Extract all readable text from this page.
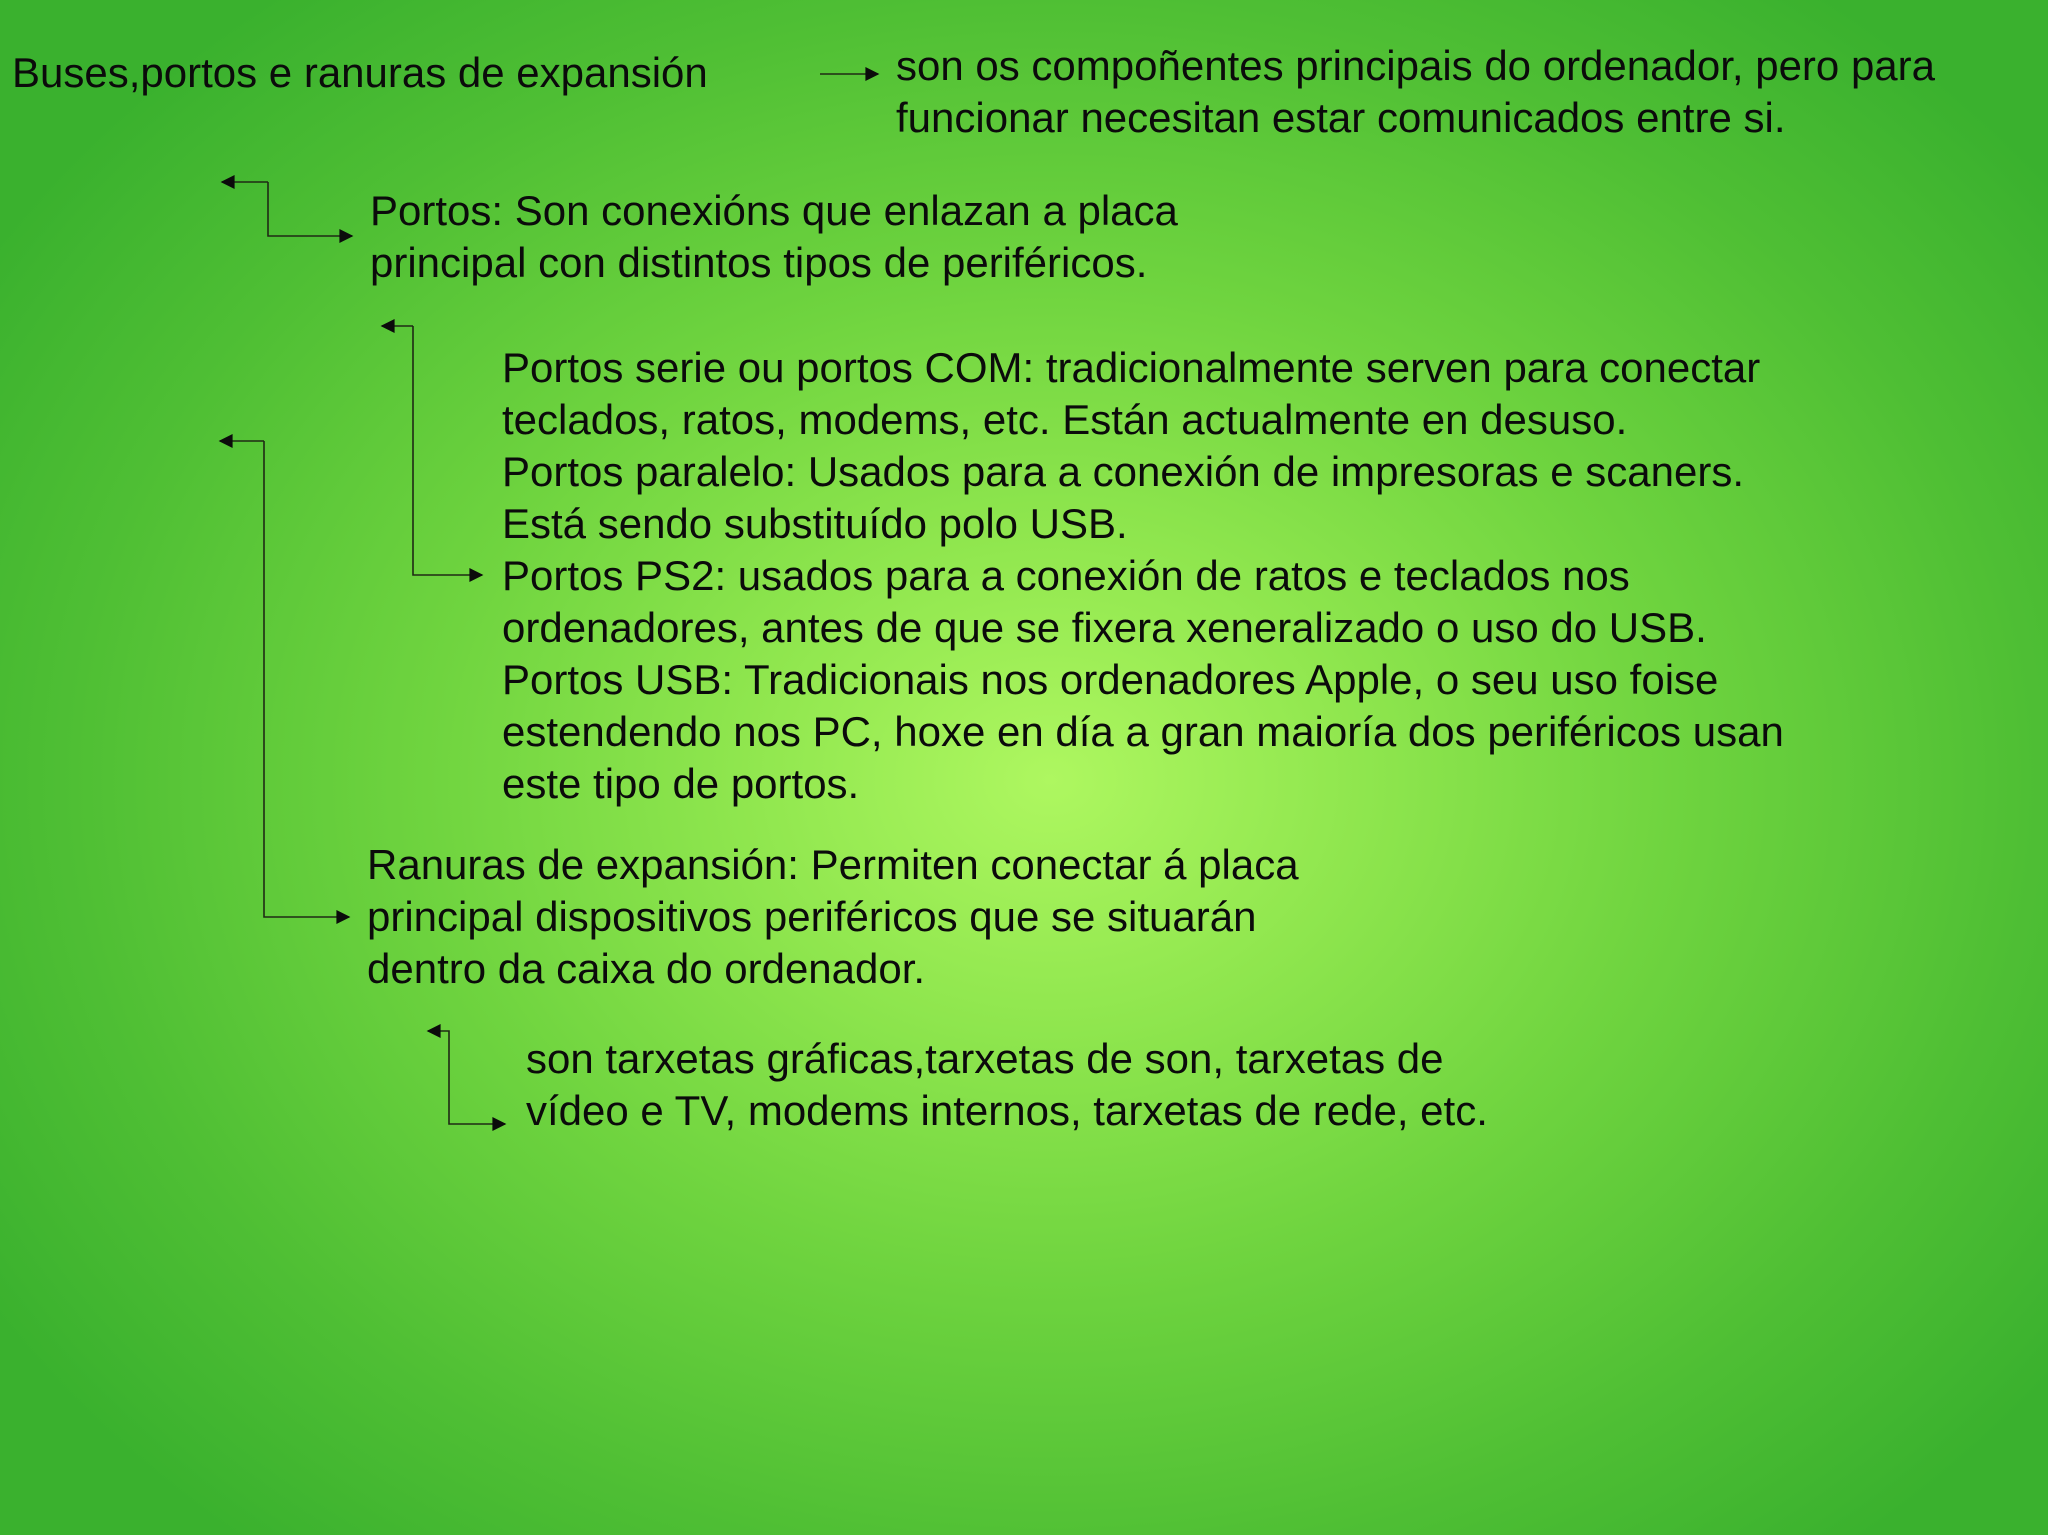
Buses,portos e ranuras de expansión	son os compoñentes principais do ordenador, pero para
funcionar necesitan estar comunicados entre si.
Portos: Son conexións que enlazan a placa
principal con distintos tipos de periféricos.
Portos serie ou portos COM: tradicionalmente serven para conectar
teclados, ratos, modems, etc. Están actualmente en desuso.
Portos paralelo: Usados para a conexión de impresoras e scaners.
Está sendo substituído polo USB.
Portos PS2: usados para a conexión de ratos e teclados nos
ordenadores, antes de que se fixera xeneralizado o uso do USB.
Portos USB: Tradicionais nos ordenadores Apple, o seu uso foise
estendendo nos PC, hoxe en día a gran maioría dos periféricos usan
este tipo de portos.
Ranuras de expansión: Permiten conectar á placa
principal dispositivos periféricos que se situarán
dentro da caixa do ordenador.
son tarxetas gráficas,tarxetas de son, tarxetas de
vídeo e TV, modems internos, tarxetas de rede, etc.
